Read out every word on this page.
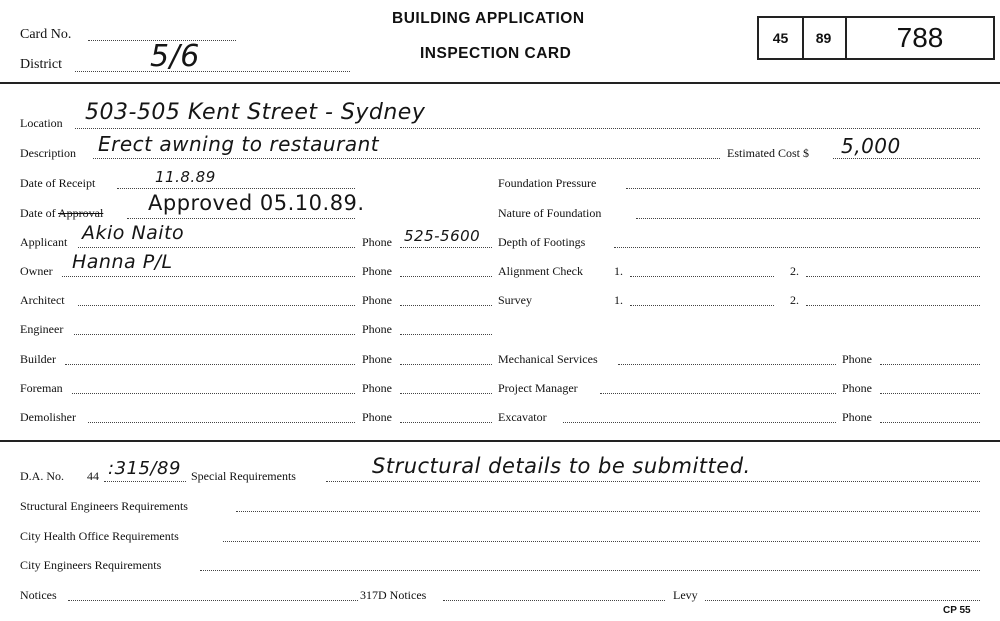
Card No.
District	5/6
BUILDING APPLICATION
INSPECTION CARD
45	89	788
Location 503-505 Kent Street - Sydney
Description Erect awning to restaurant	Estimated Cost $ 5,000
Date of Receipt	11.8.89	Foundation Pressure
Date of Approval Approved 05.10.89.	Nature of Foundation
Applicant Akio Naito	Phone 525-5600 Depth of Footings
Owner Hanna P/L	Phone	Alignment Check	1.	2.
Architect	Phone	Survey	1.	2.
Engineer	Phone
Builder	Phone	Mechanical Services	Phone
Foreman	Phone	Project Manager	Phone
Demolisher	Phone	Excavator	Phone
D.A. No. 44 :315/89 Special Requirements	Structural details to be submitted.
Structural Engineers Requirements
City Health Office Requirements
City Engineers Requirements
Notices	317D Notices	Levy
CP 55
